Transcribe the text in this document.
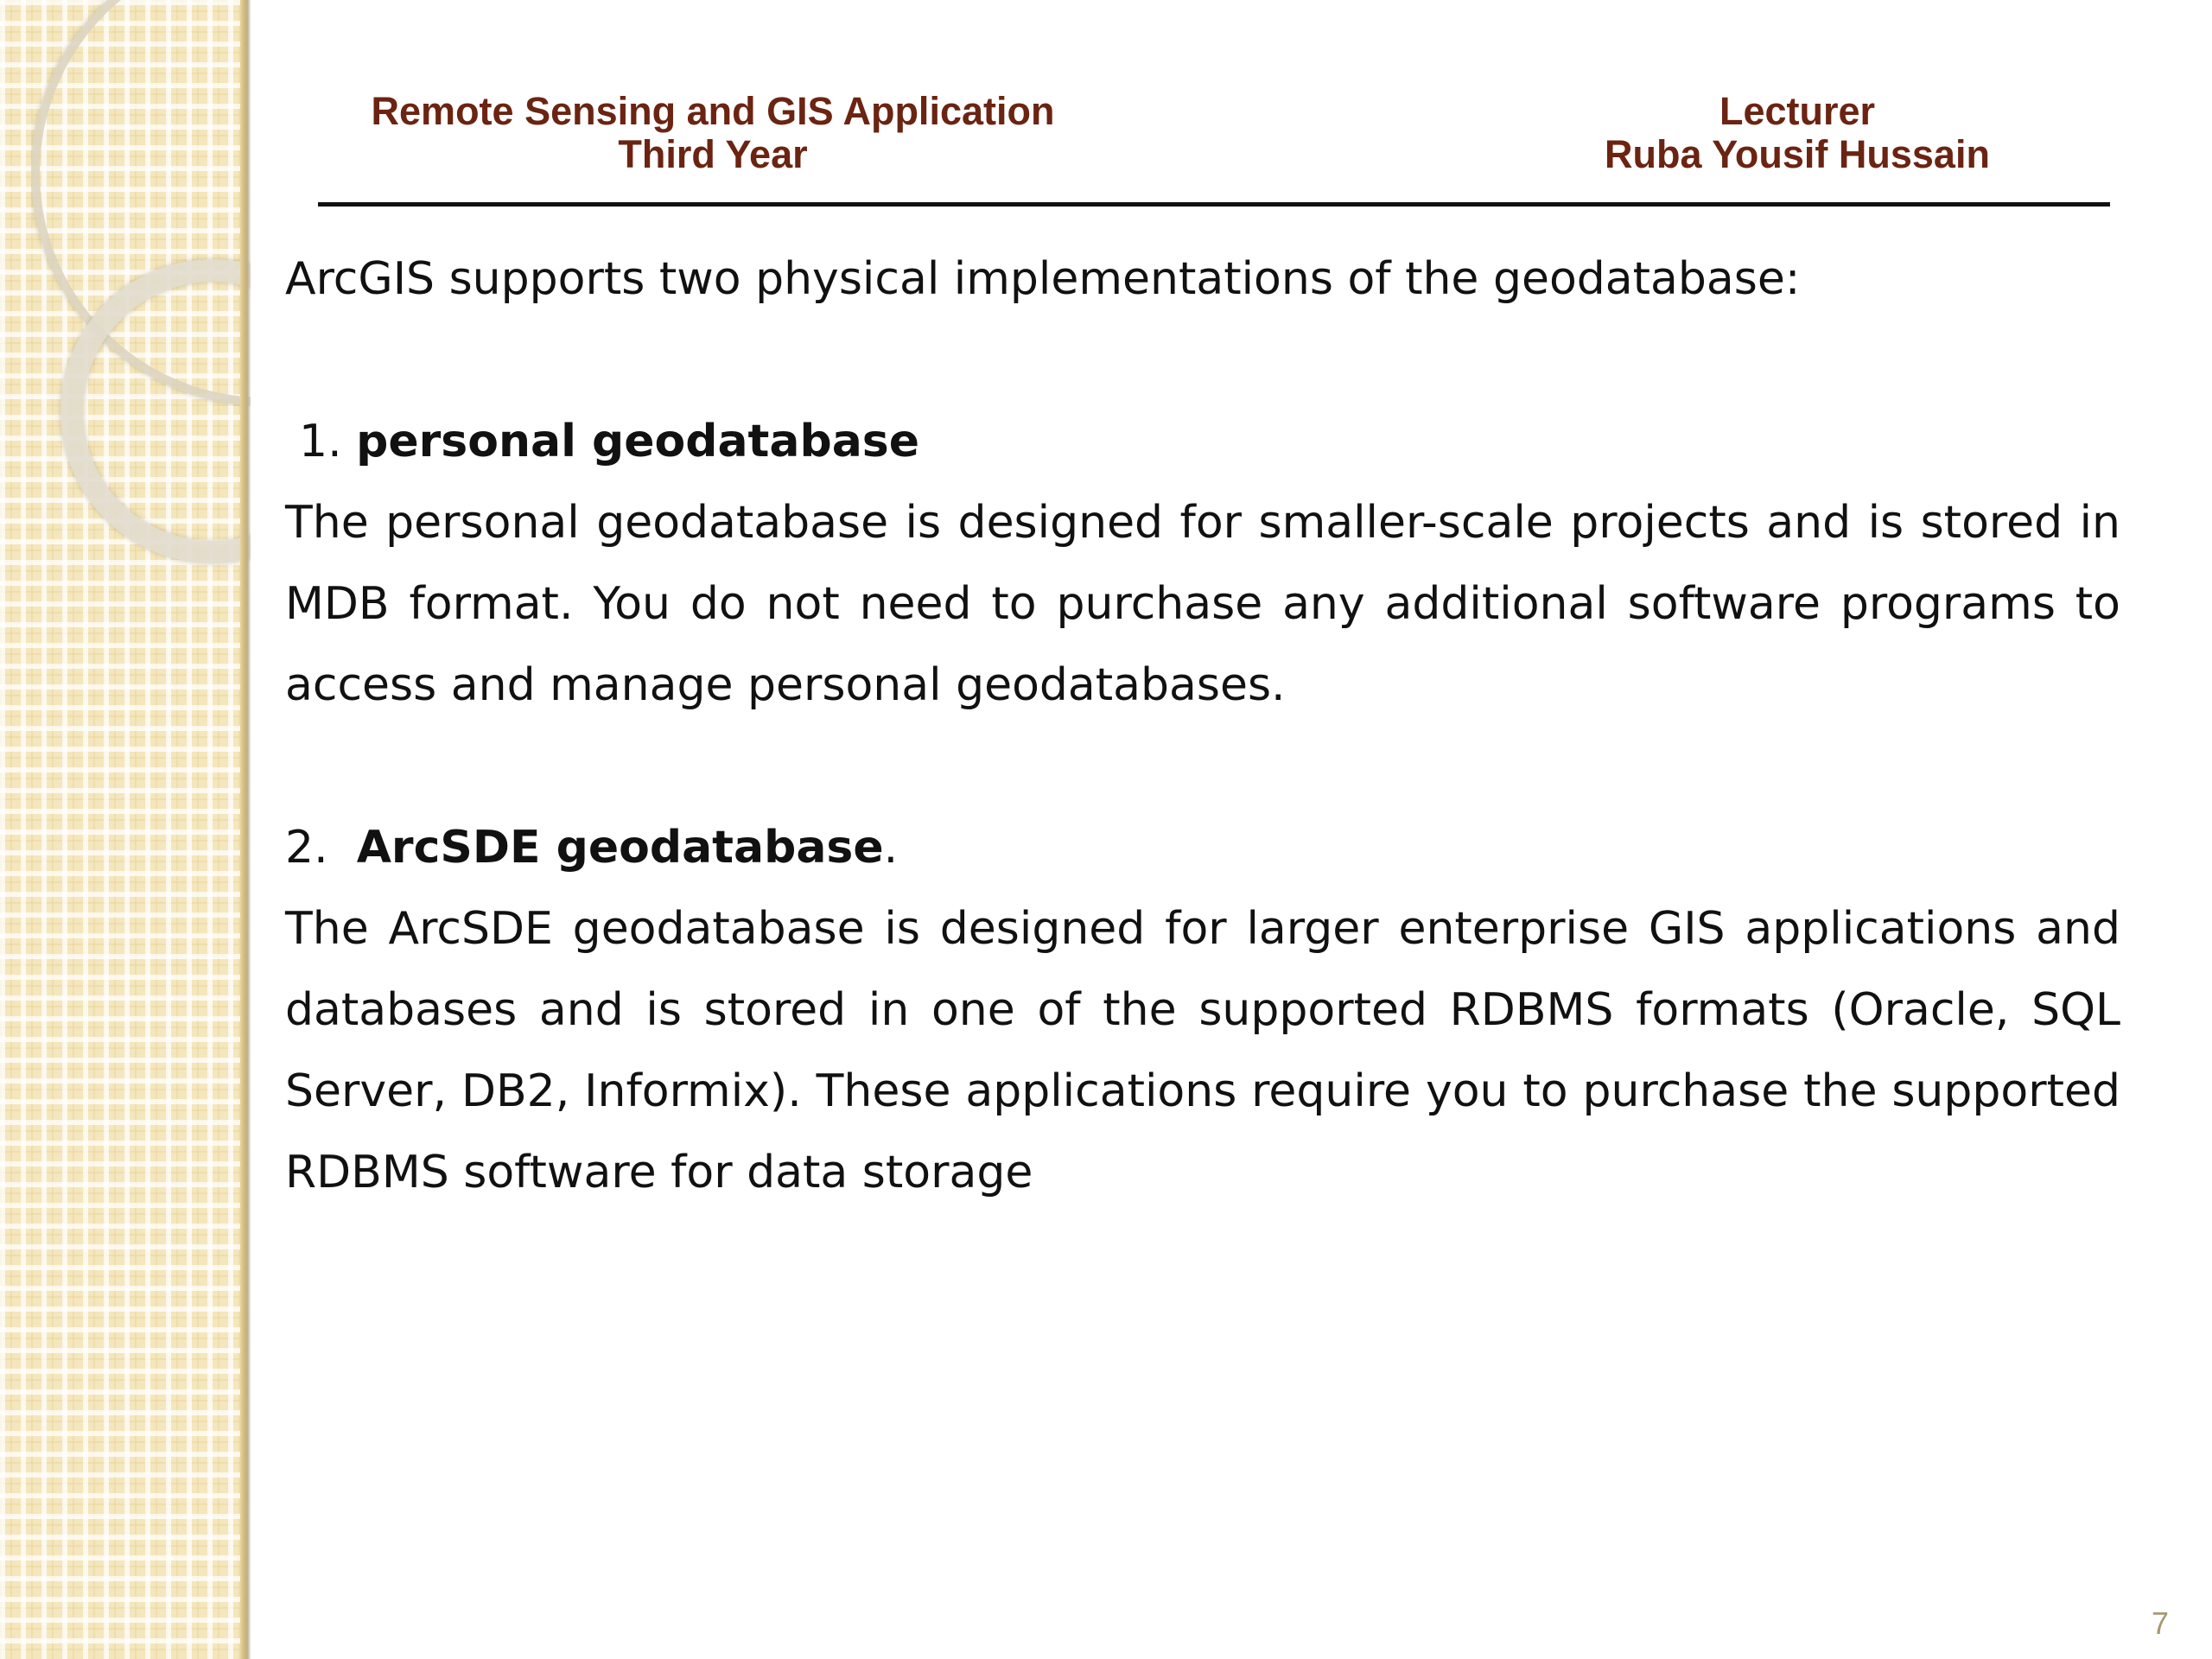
Remote Sensing and GIS Application
Third Year
Lecturer
Ruba Yousif Hussain

ArcGIS supports two physical implementations of the geodatabase:

1. personal geodatabase

The personal geodatabase is designed for smaller-scale projects and is stored in MDB format. You do not need to purchase any additional software programs to access and manage personal geodatabases.

2. ArcSDE geodatabase.

The ArcSDE geodatabase is designed for larger enterprise GIS applications and databases and is stored in one of the supported RDBMS formats (Oracle, SQL Server, DB2, Informix). These applications require you to purchase the supported RDBMS software for data storage

7
